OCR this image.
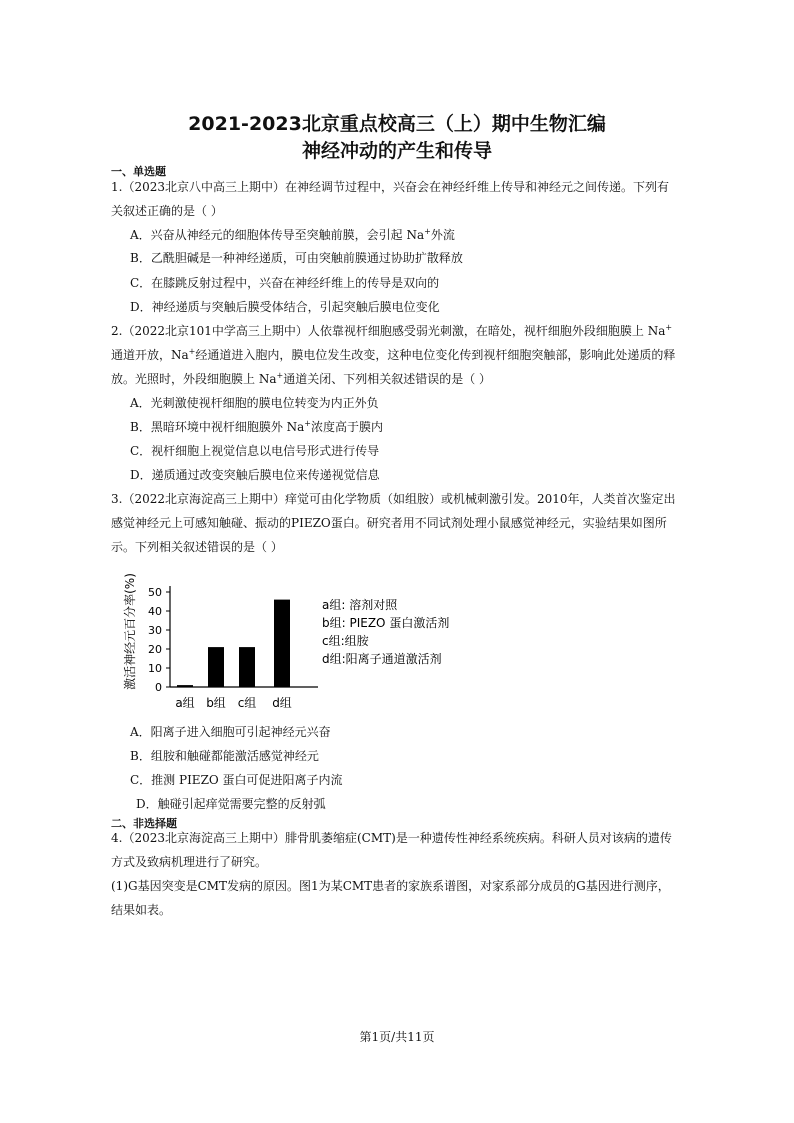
2021-2023北京重点校高三（上）期中生物汇编
神经冲动的产生和传导
一、单选题
1.（2023北京八中高三上期中）在神经调节过程中，兴奋会在神经纤维上传导和神经元之间传递。下列有
关叙述正确的是（ ）
A．兴奋从神经元的细胞体传导至突触前膜，会引起 Na+外流
B．乙酰胆碱是一种神经递质，可由突触前膜通过协助扩散释放
C．在膝跳反射过程中，兴奋在神经纤维上的传导是双向的
D．神经递质与突触后膜受体结合，引起突触后膜电位变化
2.（2022北京101中学高三上期中）人依靠视杆细胞感受弱光刺激，在暗处，视杆细胞外段细胞膜上 Na+
通道开放，Na+经通道进入胞内，膜电位发生改变，这种电位变化传到视杆细胞突触部，影响此处递质的释
放。光照时，外段细胞膜上 Na+通道关闭、下列相关叙述错误的是（ ）
A．光刺激使视杆细胞的膜电位转变为内正外负
B．黑暗环境中视杆细胞膜外 Na+浓度高于膜内
C．视杆细胞上视觉信息以电信号形式进行传导
D．递质通过改变突触后膜电位来传递视觉信息
3.（2022北京海淀高三上期中）痒觉可由化学物质（如组胺）或机械刺激引发。2010年，人类首次鉴定出
感觉神经元上可感知触碰、振动的PIEZO蛋白。研究者用不同试剂处理小鼠感觉神经元，实验结果如图所
示。下列相关叙述错误的是（ ）
0
10
20
30
40
50
激活神经元百分率(%)
a组 b组 c组 d组
a组: 溶剂对照
b组: PIEZO 蛋白激活剂
c组:组胺
d组:阳离子通道激活剂
A．阳离子进入细胞可引起神经元兴奋
B．组胺和触碰都能激活感觉神经元
C．推测 PIEZO 蛋白可促进阳离子内流
D．触碰引起痒觉需要完整的反射弧
二、非选择题
4.（2023北京海淀高三上期中）腓骨肌萎缩症(CMT)是一种遗传性神经系统疾病。科研人员对该病的遗传
方式及致病机理进行了研究。
(1)G基因突变是CMT发病的原因。图1为某CMT患者的家族系谱图，对家系部分成员的G基因进行测序，
结果如表。
第1页/共11页
